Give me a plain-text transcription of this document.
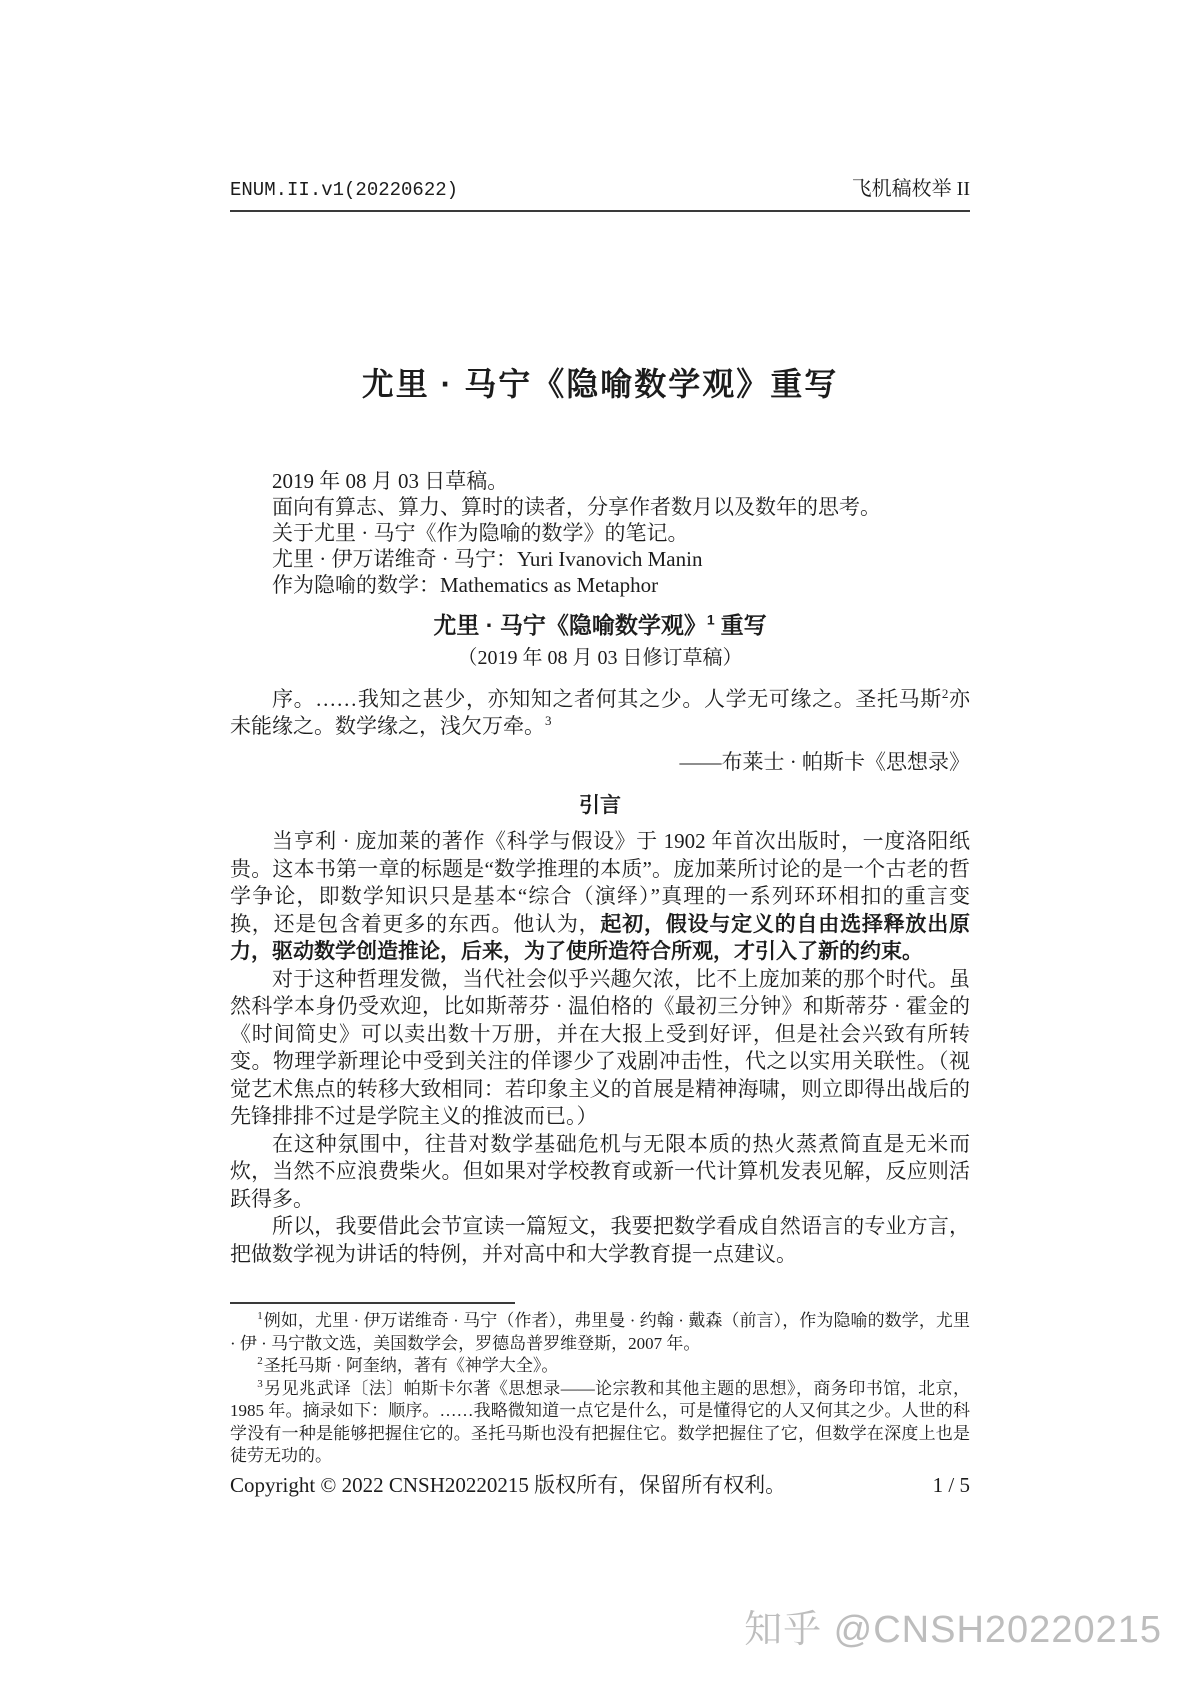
ENUM.II.v1(20220622)	飞机稿枚举 II
尤里 · 马宁《隐喻数学观》重写
2019 年 08 月 03 日草稿。
面向有算志、算力、算时的读者，分享作者数月以及数年的思考。
关于尤里 · 马宁《作为隐喻的数学》的笔记。
尤里 · 伊万诺维奇 · 马宁：Yuri Ivanovich Manin
作为隐喻的数学：Mathematics as Metaphor
尤里 · 马宁《隐喻数学观》$^1$ 重写
（2019 年 08 月 03 日修订草稿）

序。……我知之甚少，亦知知之者何其之少。人学无可缘之。圣托马斯$^2$亦未能缘之。数学缘之，浅欠万牵。$^3$

——布莱士 · 帕斯卡《思想录》
引言

当亨利 · 庞加莱的著作《科学与假设》于 1902 年首次出版时，一度洛阳纸贵。这本书第一章的标题是“数学推理的本质”。庞加莱所讨论的是一个古老的哲学争论，即数学知识只是基本“综合（演绎）”真理的一系列环环相扣的重言变换，还是包含着更多的东西。他认为，起初，假设与定义的自由选择释放出原力，驱动数学创造推论，后来，为了使所造符合所观，才引入了新的约束。

对于这种哲理发微，当代社会似乎兴趣欠浓，比不上庞加莱的那个时代。虽然科学本身仍受欢迎，比如斯蒂芬 · 温伯格的《最初三分钟》和斯蒂芬 · 霍金的《时间简史》可以卖出数十万册，并在大报上受到好评，但是社会兴致有所转变。物理学新理论中受到关注的佯谬少了戏剧冲击性，代之以实用关联性。（视觉艺术焦点的转移大致相同：若印象主义的首展是精神海啸，则立即得出战后的先锋排排不过是学院主义的推波而已。）

在这种氛围中，往昔对数学基础危机与无限本质的热火蒸煮简直是无米而炊，当然不应浪费柴火。但如果对学校教育或新一代计算机发表见解，反应则活跃得多。

所以，我要借此会节宣读一篇短文，我要把数学看成自然语言的专业方言，把做数学视为讲话的特例，并对高中和大学教育提一点建议。

$^1$例如，尤里 · 伊万诺维奇 · 马宁（作者），弗里曼 · 约翰 · 戴森（前言），作为隐喻的数学，尤里 · 伊 · 马宁散文选，美国数学会，罗德岛普罗维登斯，2007 年。

$^2$圣托马斯 · 阿奎纳，著有《神学大全》。

$^3$另见兆武译〔法〕帕斯卡尔著《思想录——论宗教和其他主题的思想》，商务印书馆，北京，1985 年。摘录如下：顺序。……我略微知道一点它是什么，可是懂得它的人又何其之少。人世的科学没有一种是能够把握住它的。圣托马斯也没有把握住它。数学把握住了它，但数学在深度上也是徒劳无功的。

Copyright © 2022 CNSH20220215 版权所有，保留所有权利。	1 / 5
知乎 @CNSH20220215
